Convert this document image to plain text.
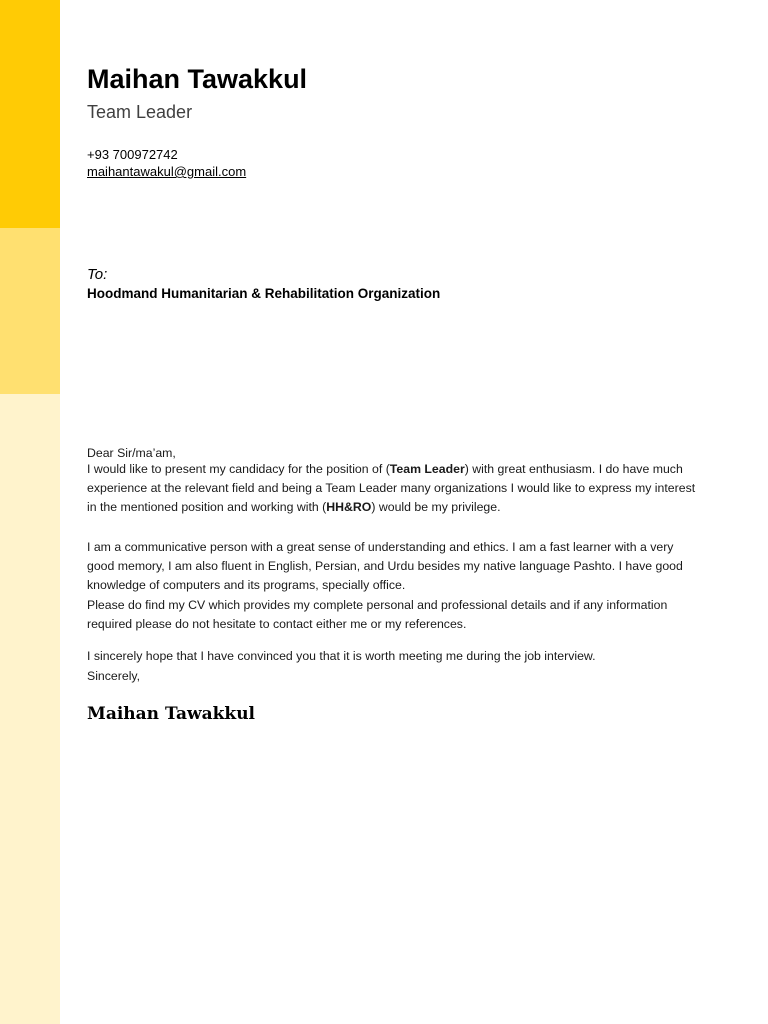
Maihan Tawakkul
Team Leader
+93 700972742
maihantawakul@gmail.com
To:
Hoodmand Humanitarian & Rehabilitation Organization
Dear Sir/ma’am,
I would like to present my candidacy for the position of (Team Leader) with great enthusiasm. I do have much experience at the relevant field and being a Team Leader many organizations I would like to express my interest in the mentioned position and working with (HH&RO) would be my privilege.
I am a communicative person with a great sense of understanding and ethics. I am a fast learner with a very good memory, I am also fluent in English, Persian, and Urdu besides my native language Pashto. I have good knowledge of computers and its programs, specially office.
Please do find my CV which provides my complete personal and professional details and if any information required please do not hesitate to contact either me or my references.
I sincerely hope that I have convinced you that it is worth meeting me during the job interview.
Sincerely,
Maihan Tawakkul
